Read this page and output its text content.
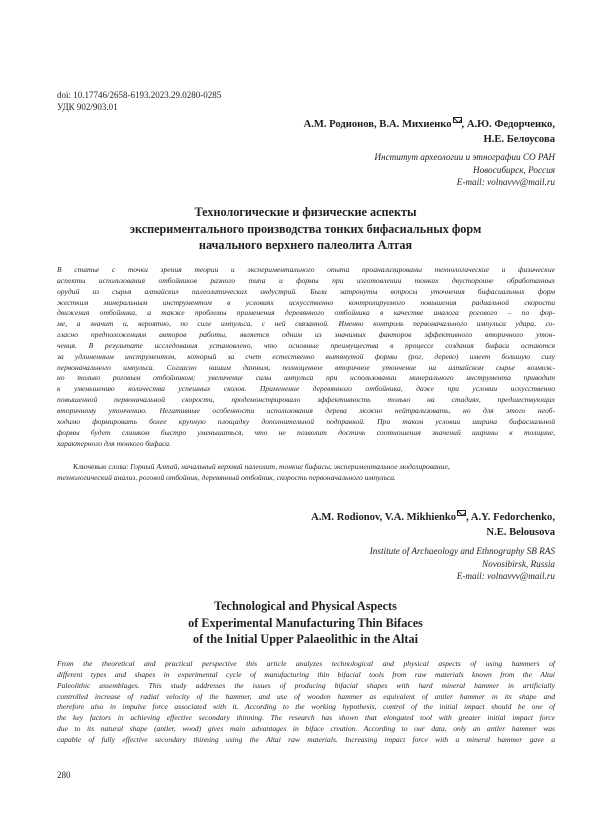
doi: 10.17746/2658-6193.2023.29.0280-0285
УДК 902/903.01
А.М. Родионов, В.А. Михиенко , А.Ю. Федорченко,
Н.Е. Белоусова
Институт археологии и этнографии СО РАН
Новосибирск, Россия
E-mail: volnavvv@mail.ru
Технологические и физические аспекты
экспериментального производства тонких бифасиальных форм
начального верхнего палеолита Алтая
В статье с точки зрения теории и экспериментального опыта проанализированы технологические и физические
аспекты использования отбойников разного типа и формы при изготовлении тонких двусторонне обработанных
орудий из сырья алтайских палеолитических индустрий. Были затронуты вопросы уточнения бифасиальных форм
жестким минеральным инструментом в условиях искусственно контролируемого повышения радиальной скорости
движения отбойника, а также проблемы применения деревянного отбойника в качестве аналога рогового – по фор-
ме, а значит и, вероятно, по силе импульса, с ней связанной. Именно контроль первоначального импульса удара, со-
гласно предположениям авторов работы, является одним из значимых факторов эффективного вторичного утон-
чения. В результате исследования установлено, что основные преимущества в процессе создания бифаса остаются
за удлиненным инструментом, который за счет естественно вытянутой формы (рог, дерево) имеет большую силу
первоначального импульса. Согласно нашим данным, полноценное вторичное утончение на алтайском сырье возмож-
но только роговым отбойником; увеличение силы импульса при использовании минерального инструмента приводит
к уменьшению количества успешных сколов. Применение деревянного отбойника, даже при условии искусственно
повышенной первоначальной скорости, продемонстрировало эффективность только на стадиях, предшествующих
вторичному утончению. Негативные особенности использования дерева можно нейтрализовать, но для этого необ-
ходимо формировать более крупную площадку дополнительной подправкой. При таком условии ширина бифасиальной
формы будет слишком быстро уменьшаться, что не позволит достичь соотношения значений ширины к толщине,
характерного для тонкого бифаса.
Ключевые слова: Горный Алтай, начальный верхний палеолит, тонкие бифасы, экспериментальное моделирование,
технологический анализ, роговой отбойник, деревянный отбойник, скорость первоначального импульса.
A.M. Rodionov, V.A. Mikhienko , A.Y. Fedorchenko,
N.E. Belousova
Institute of Archaeology and Ethnography SB RAS
Novosibirsk, Russia
E-mail: volnavvv@mail.ru
Technological and Physical Aspects
of Experimental Manufacturing Thin Bifaces
of the Initial Upper Palaeolithic in the Altai
From the theoretical and practical perspective this article analyzes technological and physical aspects of using hammers of
different types and shapes in experimental cycle of manufacturing thin bifacial tools from raw materials known from the Altai
Paleolithic assemblages. This study addresses the issues of producing bifacial shapes with hard mineral hammer in artificially
controlled increase of radial velocity of the hammer, and use of wooden hammer as equivalent of antler hammer in its shape and
therefore also in impulse force associated with it. According to the working hypothesis, control of the initial impact should be one of
the key factors in achieving effective secondary thinning. The research has shown that elongated tool with greater initial impact force
due to its natural shape (antler, wood) gives main advantages in biface creation. According to our data, only an antler hammer was
capable of fully effective secondary thinning using the Altai raw materials. Increasing impact force with a mineral hammer gave a
280
